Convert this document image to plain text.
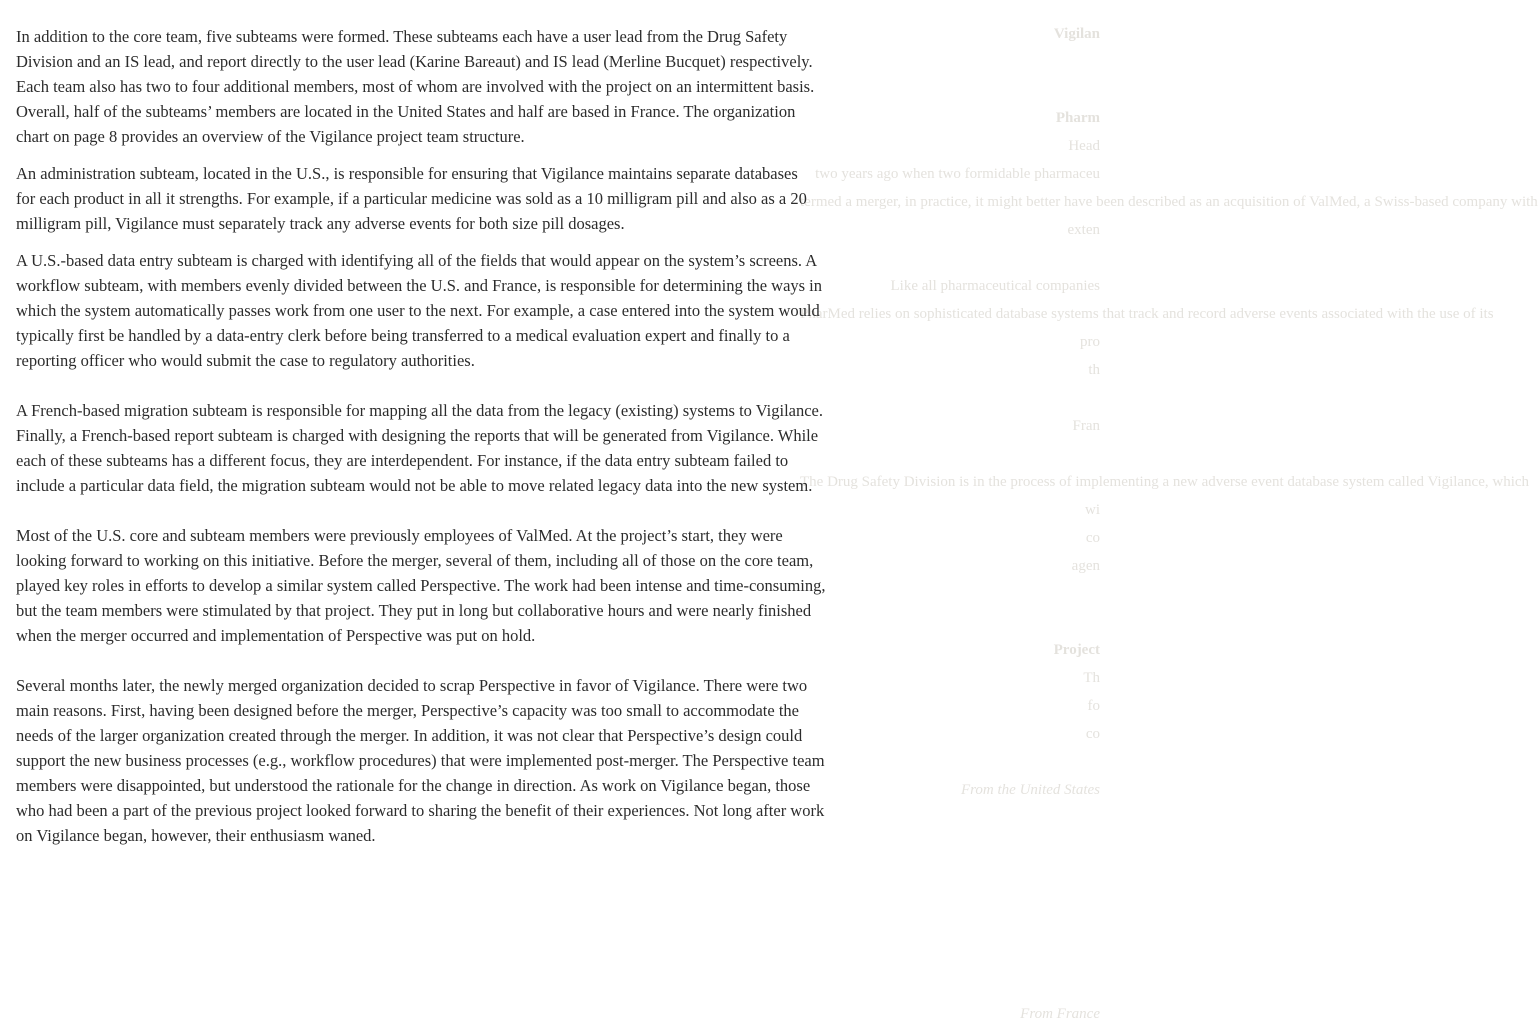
Vigilan
Pharm
Head
two years ago when two formidable pharmaceu
termed a merger, in practice, it might better have been described as an acquisition of ValMed, a Swiss-based company with
exten
Like all pharmaceutical companies
PharMed relies on sophisticated database systems that track and record adverse events associated with the use of its
pro
th
Fran
The Drug Safety Division is in the process of implementing a new adverse event database system called Vigilance, which
wi
co
agen
Project
Th
fo
co
From the United States
From France
In addition to the core team, five subteams were formed. These subteams each have a user lead from the Drug Safety
Division and an IS lead, and report directly to the user lead (Karine Bareaut) and IS lead (Merline Bucquet) respectively.
Each team also has two to four additional members, most of whom are involved with the project on an intermittent basis.
Overall, half of the subteams’ members are located in the United States and half are based in France. The organization
chart on page 8 provides an overview of the Vigilance project team structure.
An administration subteam, located in the U.S., is responsible for ensuring that Vigilance maintains separate databases
for each product in all it strengths. For example, if a particular medicine was sold as a 10 milligram pill and also as a 20
milligram pill, Vigilance must separately track any adverse events for both size pill dosages.
A U.S.-based data entry subteam is charged with identifying all of the fields that would appear on the system’s screens. A
workflow subteam, with members evenly divided between the U.S. and France, is responsible for determining the ways in
which the system automatically passes work from one user to the next. For example, a case entered into the system would
typically first be handled by a data-entry clerk before being transferred to a medical evaluation expert and finally to a
reporting officer who would submit the case to regulatory authorities.
A French-based migration subteam is responsible for mapping all the data from the legacy (existing) systems to Vigilance.
Finally, a French-based report subteam is charged with designing the reports that will be generated from Vigilance. While
each of these subteams has a different focus, they are interdependent. For instance, if the data entry subteam failed to
include a particular data field, the migration subteam would not be able to move related legacy data into the new system.
Most of the U.S. core and subteam members were previously employees of ValMed. At the project’s start, they were
looking forward to working on this initiative. Before the merger, several of them, including all of those on the core team,
played key roles in efforts to develop a similar system called Perspective. The work had been intense and time-consuming,
but the team members were stimulated by that project. They put in long but collaborative hours and were nearly finished
when the merger occurred and implementation of Perspective was put on hold.
Several months later, the newly merged organization decided to scrap Perspective in favor of Vigilance. There were two
main reasons. First, having been designed before the merger, Perspective’s capacity was too small to accommodate the
needs of the larger organization created through the merger. In addition, it was not clear that Perspective’s design could
support the new business processes (e.g., workflow procedures) that were implemented post-merger. The Perspective team
members were disappointed, but understood the rationale for the change in direction. As work on Vigilance began, those
who had been a part of the previous project looked forward to sharing the benefit of their experiences. Not long after work
on Vigilance began, however, their enthusiasm waned.
